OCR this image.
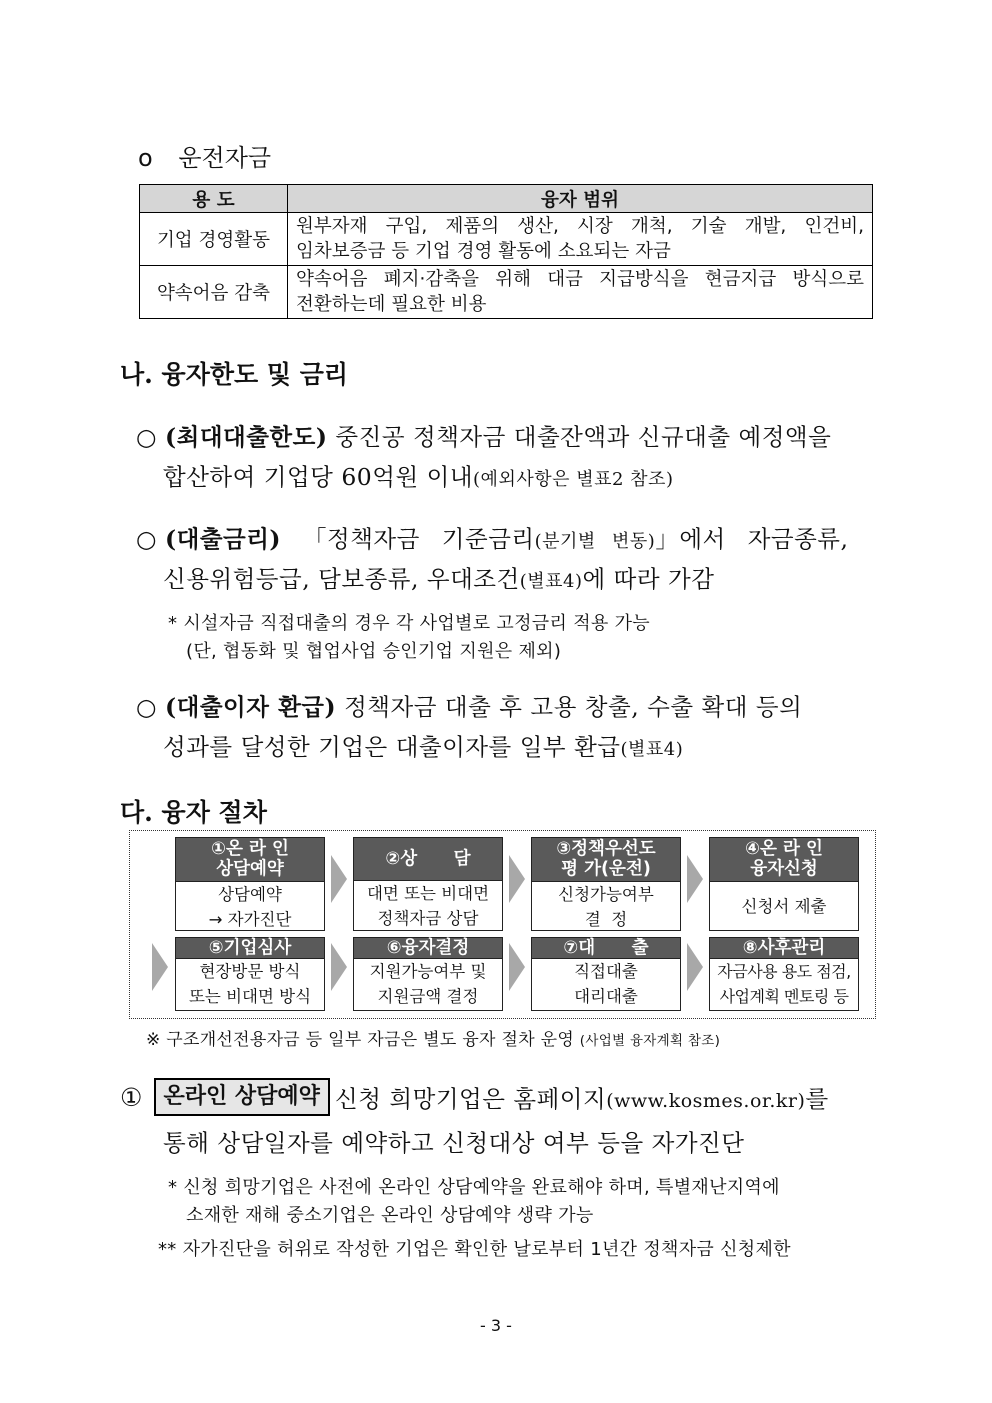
o 운전자금
용 도	융자 범위
기업 경영활동	원부자재 구입, 제품의 생산, 시장 개척, 기술 개발, 인건비,
임차보증금 등 기업 경영 활동에 소요되는 자금

약속어음 감축	약속어음 폐지·감축을 위해 대금 지급방식을 현금지급 방식으로
전환하는데 필요한 비용
나. 융자한도 및 금리
○ (최대대출한도) 중진공 정책자금 대출잔액과 신규대출 예정액을
합산하여 기업당 60억원 이내(예외사항은 별표2 참조)
○ (대출금리) 「정책자금 기준금리(분기별 변동)」에서 자금종류,
신용위험등급, 담보종류, 우대조건(별표4)에 따라 가감
* 시설자금 직접대출의 경우 각 사업별로 고정금리 적용 가능
(단, 협동화 및 협업사업 승인기업 지원은 제외)
○ (대출이자 환급) 정책자금 대출 후 고용 창출, 수출 확대 등의
성과를 달성한 기업은 대출이자를 일부 환급(별표4)
다. 융자 절차
①온 라 인
상담예약
상담예약
→ 자가진단
②상      담
대면 또는 비대면
정책자금 상담
③정책우선도
평 가(운전)
신청가능여부
결  정
④온 라 인
융자신청
신청서 제출
⑤기업심사
현장방문 방식
또는 비대면 방식
⑥융자결정
지원가능여부 및
지원금액 결정
⑦대      출
직접대출
대리대출
⑧사후관리
자금사용 용도 점검,
사업계획 멘토링 등
※ 구조개선전용자금 등 일부 자금은 별도 융자 절차 운영 (사업별 융자계획 참조)
① 온라인 상담예약 신청 희망기업은 홈페이지(www.kosmes.or.kr)를
통해 상담일자를 예약하고 신청대상 여부 등을 자가진단
* 신청 희망기업은 사전에 온라인 상담예약을 완료해야 하며, 특별재난지역에
소재한 재해 중소기업은 온라인 상담예약 생략 가능
** 자가진단을 허위로 작성한 기업은 확인한 날로부터 1년간 정책자금 신청제한
- 3 -
